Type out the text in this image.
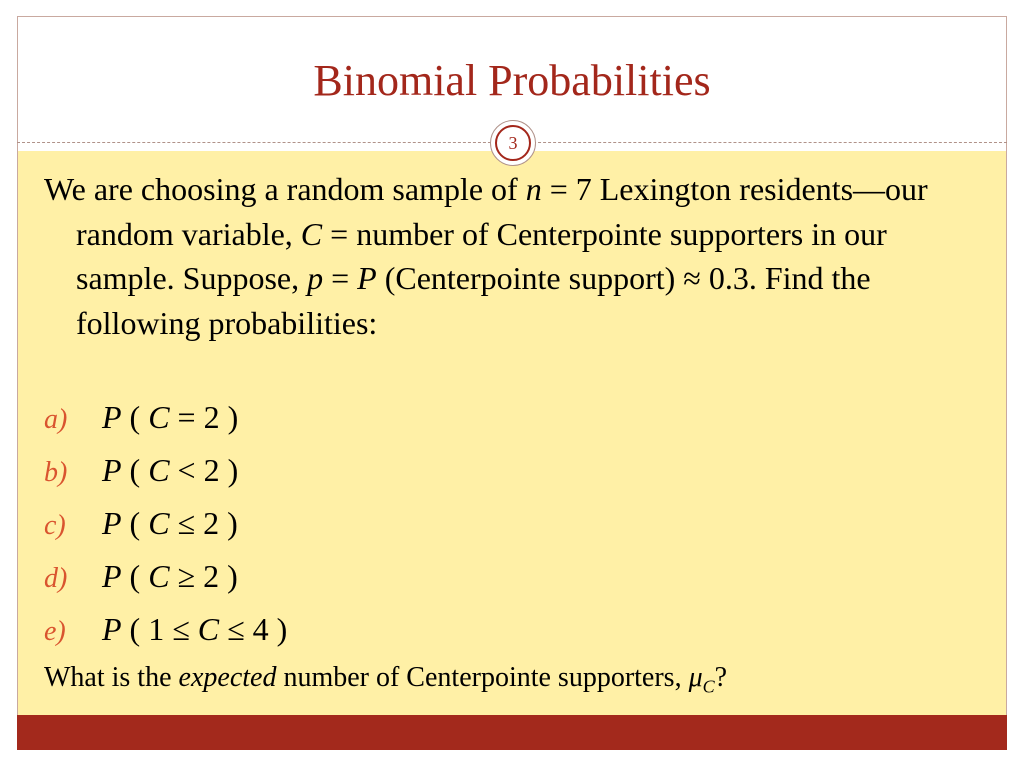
Binomial Probabilities
3
We are choosing a random sample of n = 7 Lexington residents—our random variable, C = number of Centerpointe supporters in our sample. Suppose, p = P (Centerpointe support) ≈ 0.3. Find the following probabilities:
a) P ( C = 2 )
b) P ( C < 2 )
c) P ( C ≤ 2 )
d) P ( C ≥ 2 )
e) P ( 1 ≤ C ≤ 4 )
What is the expected number of Centerpointe supporters, $\mu_C$?
